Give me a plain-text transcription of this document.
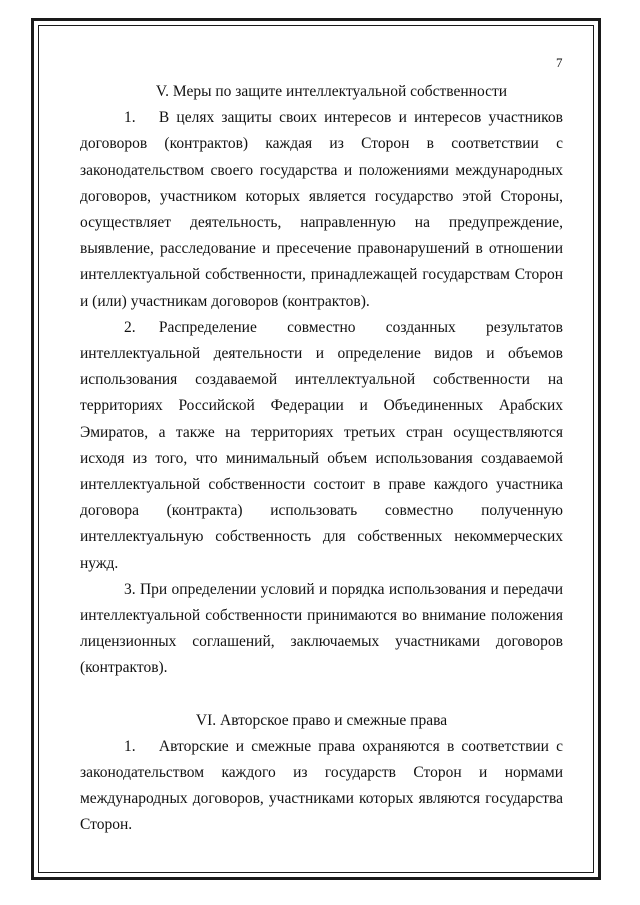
7

V. Меры по защите интеллектуальной собственности

1.  В целях защиты своих интересов и интересов участников договоров (контрактов) каждая из Сторон в соответствии с законодательством своего государства и положениями международных договоров, участником которых является государство этой Стороны, осуществляет деятельность, направленную на предупреждение, выявление, расследование и пресечение правонарушений в отношении интеллектуальной собственности, принадлежащей государствам Сторон и (или) участникам договоров (контрактов).

2.  Распределение совместно созданных результатов интеллектуальной деятельности и определение видов и объемов использования создаваемой интеллектуальной собственности на территориях Российской Федерации и Объединенных Арабских Эмиратов, а также на территориях третьих стран осуществляются исходя из того, что минимальный объем использования создаваемой интеллектуальной собственности состоит в праве каждого участника договора (контракта) использовать совместно полученную интеллектуальную собственность для собственных некоммерческих нужд.

3. При определении условий и порядка использования и передачи интеллектуальной собственности принимаются во внимание положения лицензионных соглашений, заключаемых участниками договоров (контрактов).

VI. Авторское право и смежные права

1.  Авторские и смежные права охраняются в соответствии с законодательством каждого из государств Сторон и нормами международных договоров, участниками которых являются государства Сторон.
